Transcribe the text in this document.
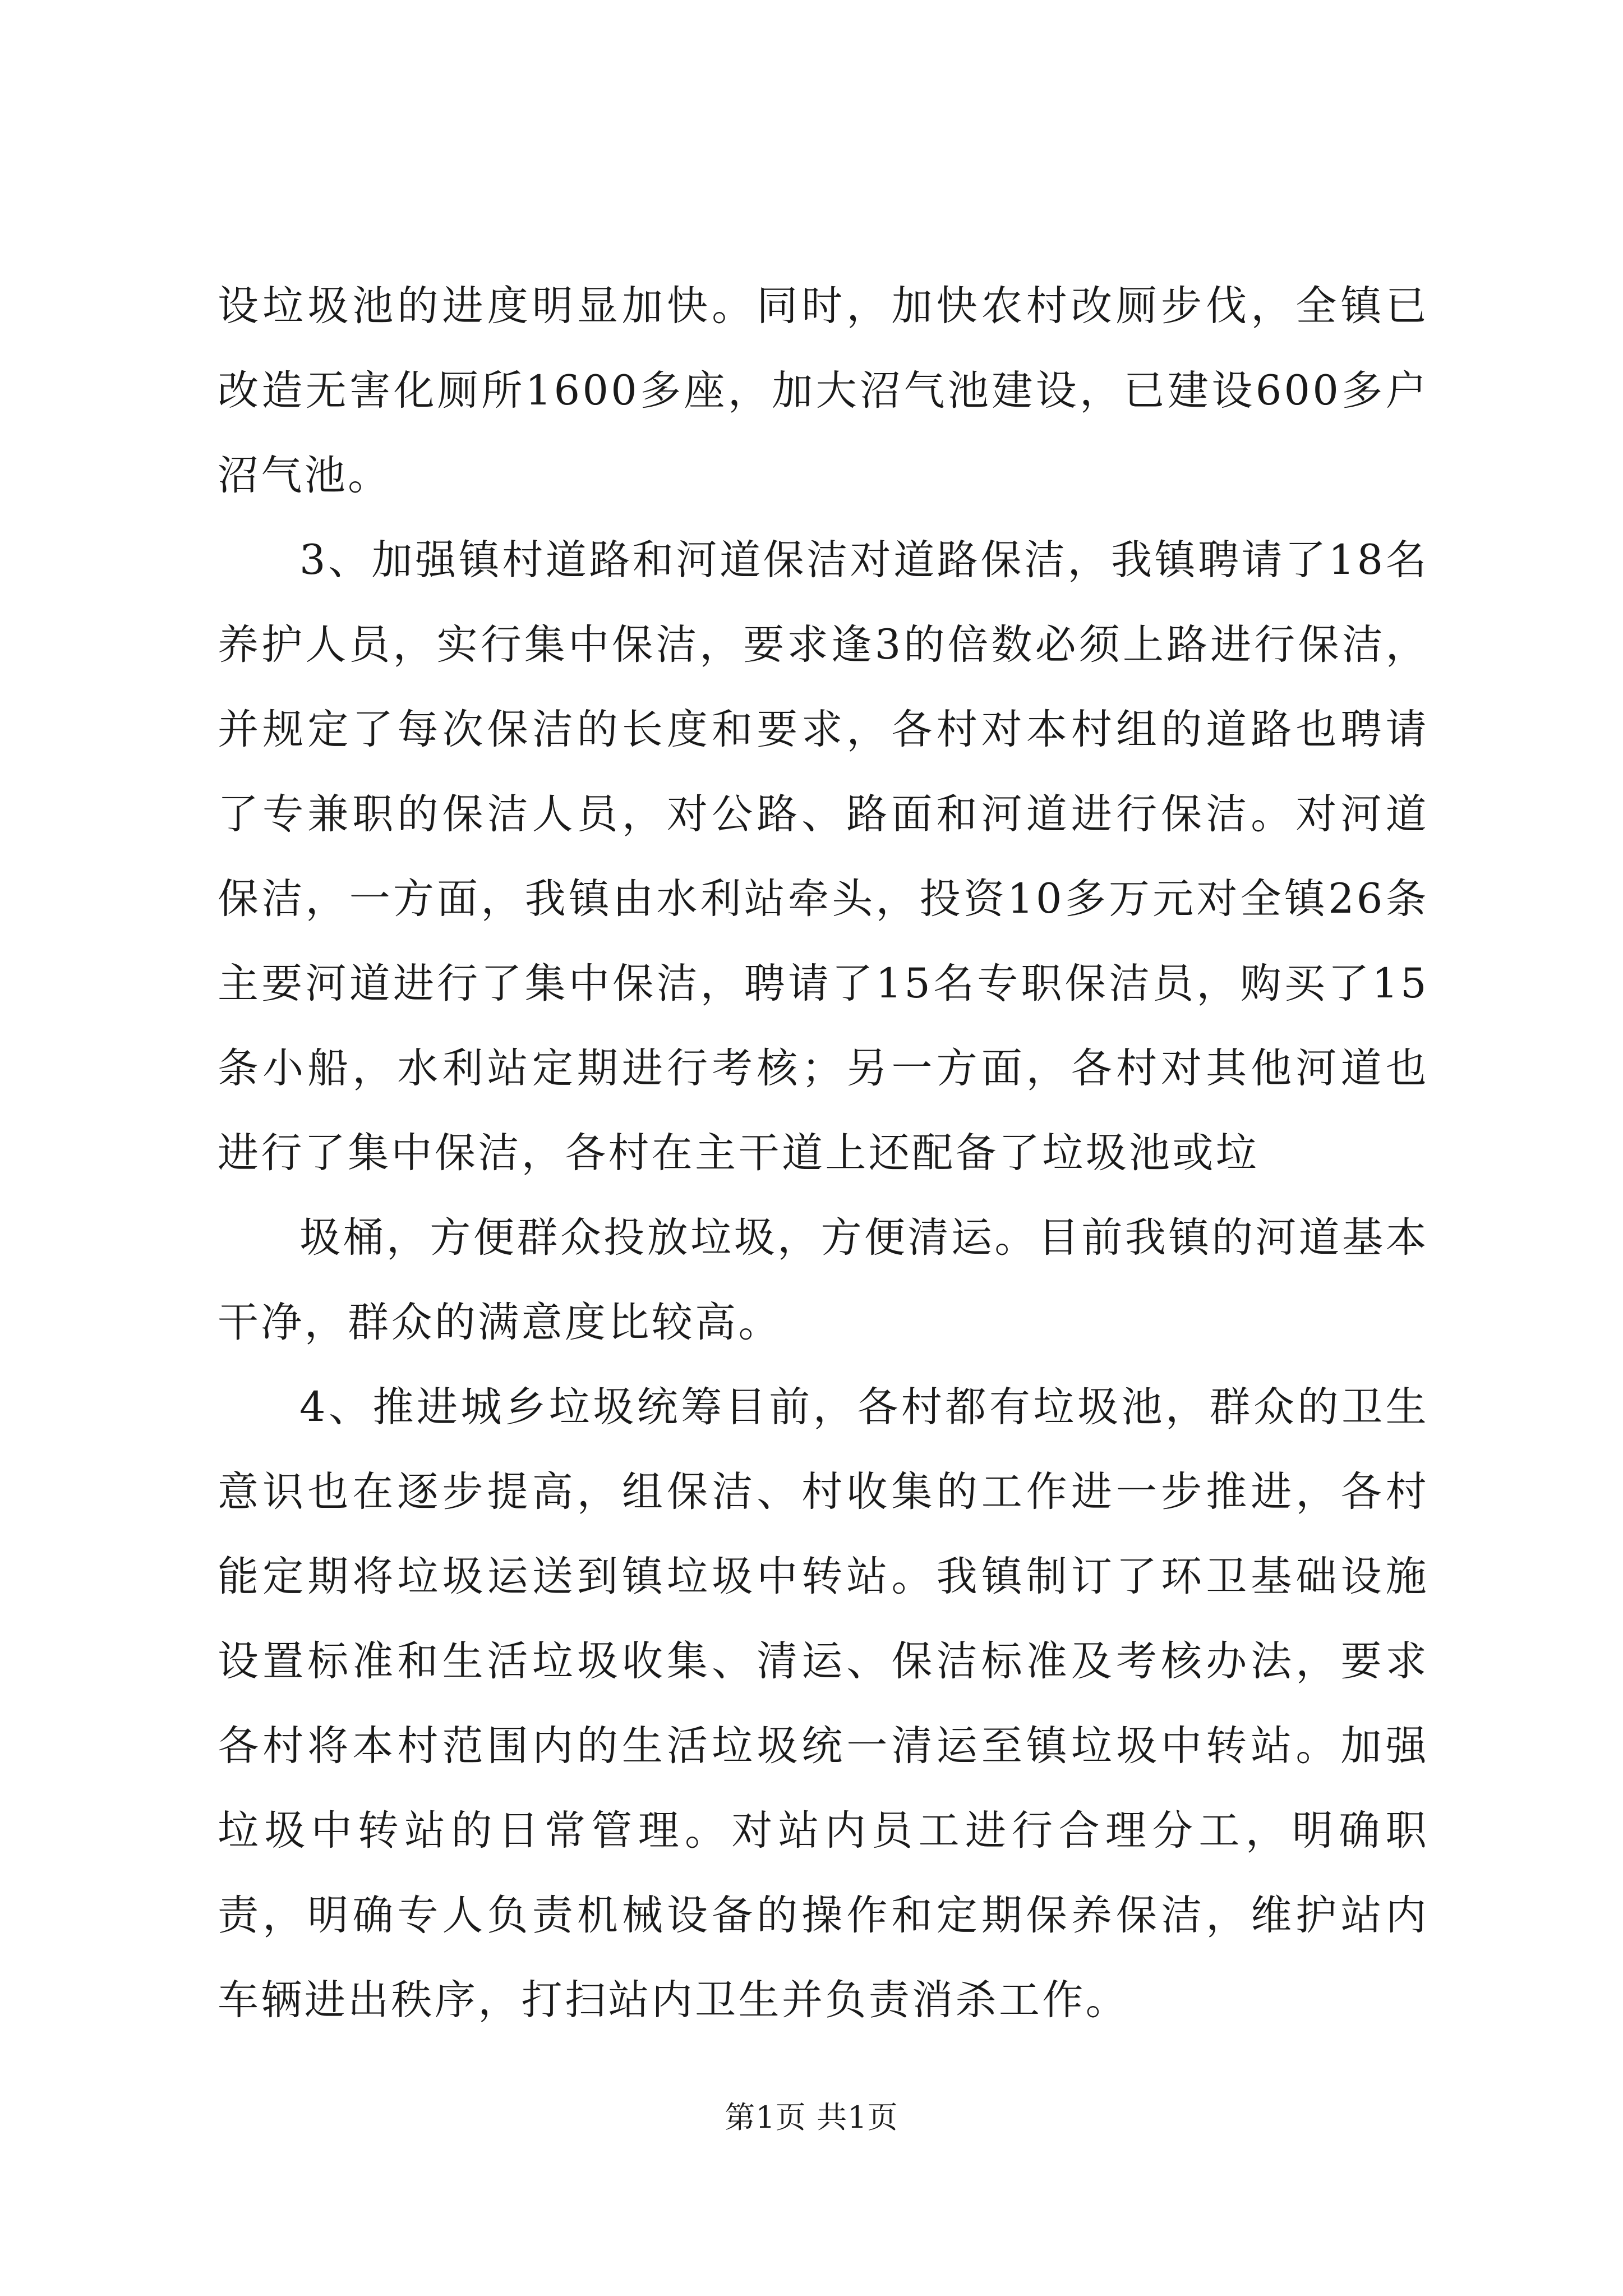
设垃圾池的进度明显加快。同时，加快农村改厕步伐，全镇已改造无害化厕所1600多座，加大沼气池建设，已建设600多户沼气池。

3、加强镇村道路和河道保洁对道路保洁，我镇聘请了18名养护人员，实行集中保洁，要求逢3的倍数必须上路进行保洁，并规定了每次保洁的长度和要求，各村对本村组的道路也聘请了专兼职的保洁人员，对公路、路面和河道进行保洁。对河道保洁，一方面，我镇由水利站牵头，投资10多万元对全镇26条主要河道进行了集中保洁，聘请了15名专职保洁员，购买了15条小船，水利站定期进行考核；另一方面，各村对其他河道也进行了集中保洁，各村在主干道上还配备了垃圾池或垃

圾桶，方便群众投放垃圾，方便清运。目前我镇的河道基本干净，群众的满意度比较高。

4、推进城乡垃圾统筹目前，各村都有垃圾池，群众的卫生意识也在逐步提高，组保洁、村收集的工作进一步推进，各村能定期将垃圾运送到镇垃圾中转站。我镇制订了环卫基础设施设置标准和生活垃圾收集、清运、保洁标准及考核办法，要求各村将本村范围内的生活垃圾统一清运至镇垃圾中转站。加强垃圾中转站的日常管理。对站内员工进行合理分工，明确职责，明确专人负责机械设备的操作和定期保养保洁，维护站内车辆进出秩序，打扫站内卫生并负责消杀工作。

第1页 共1页
